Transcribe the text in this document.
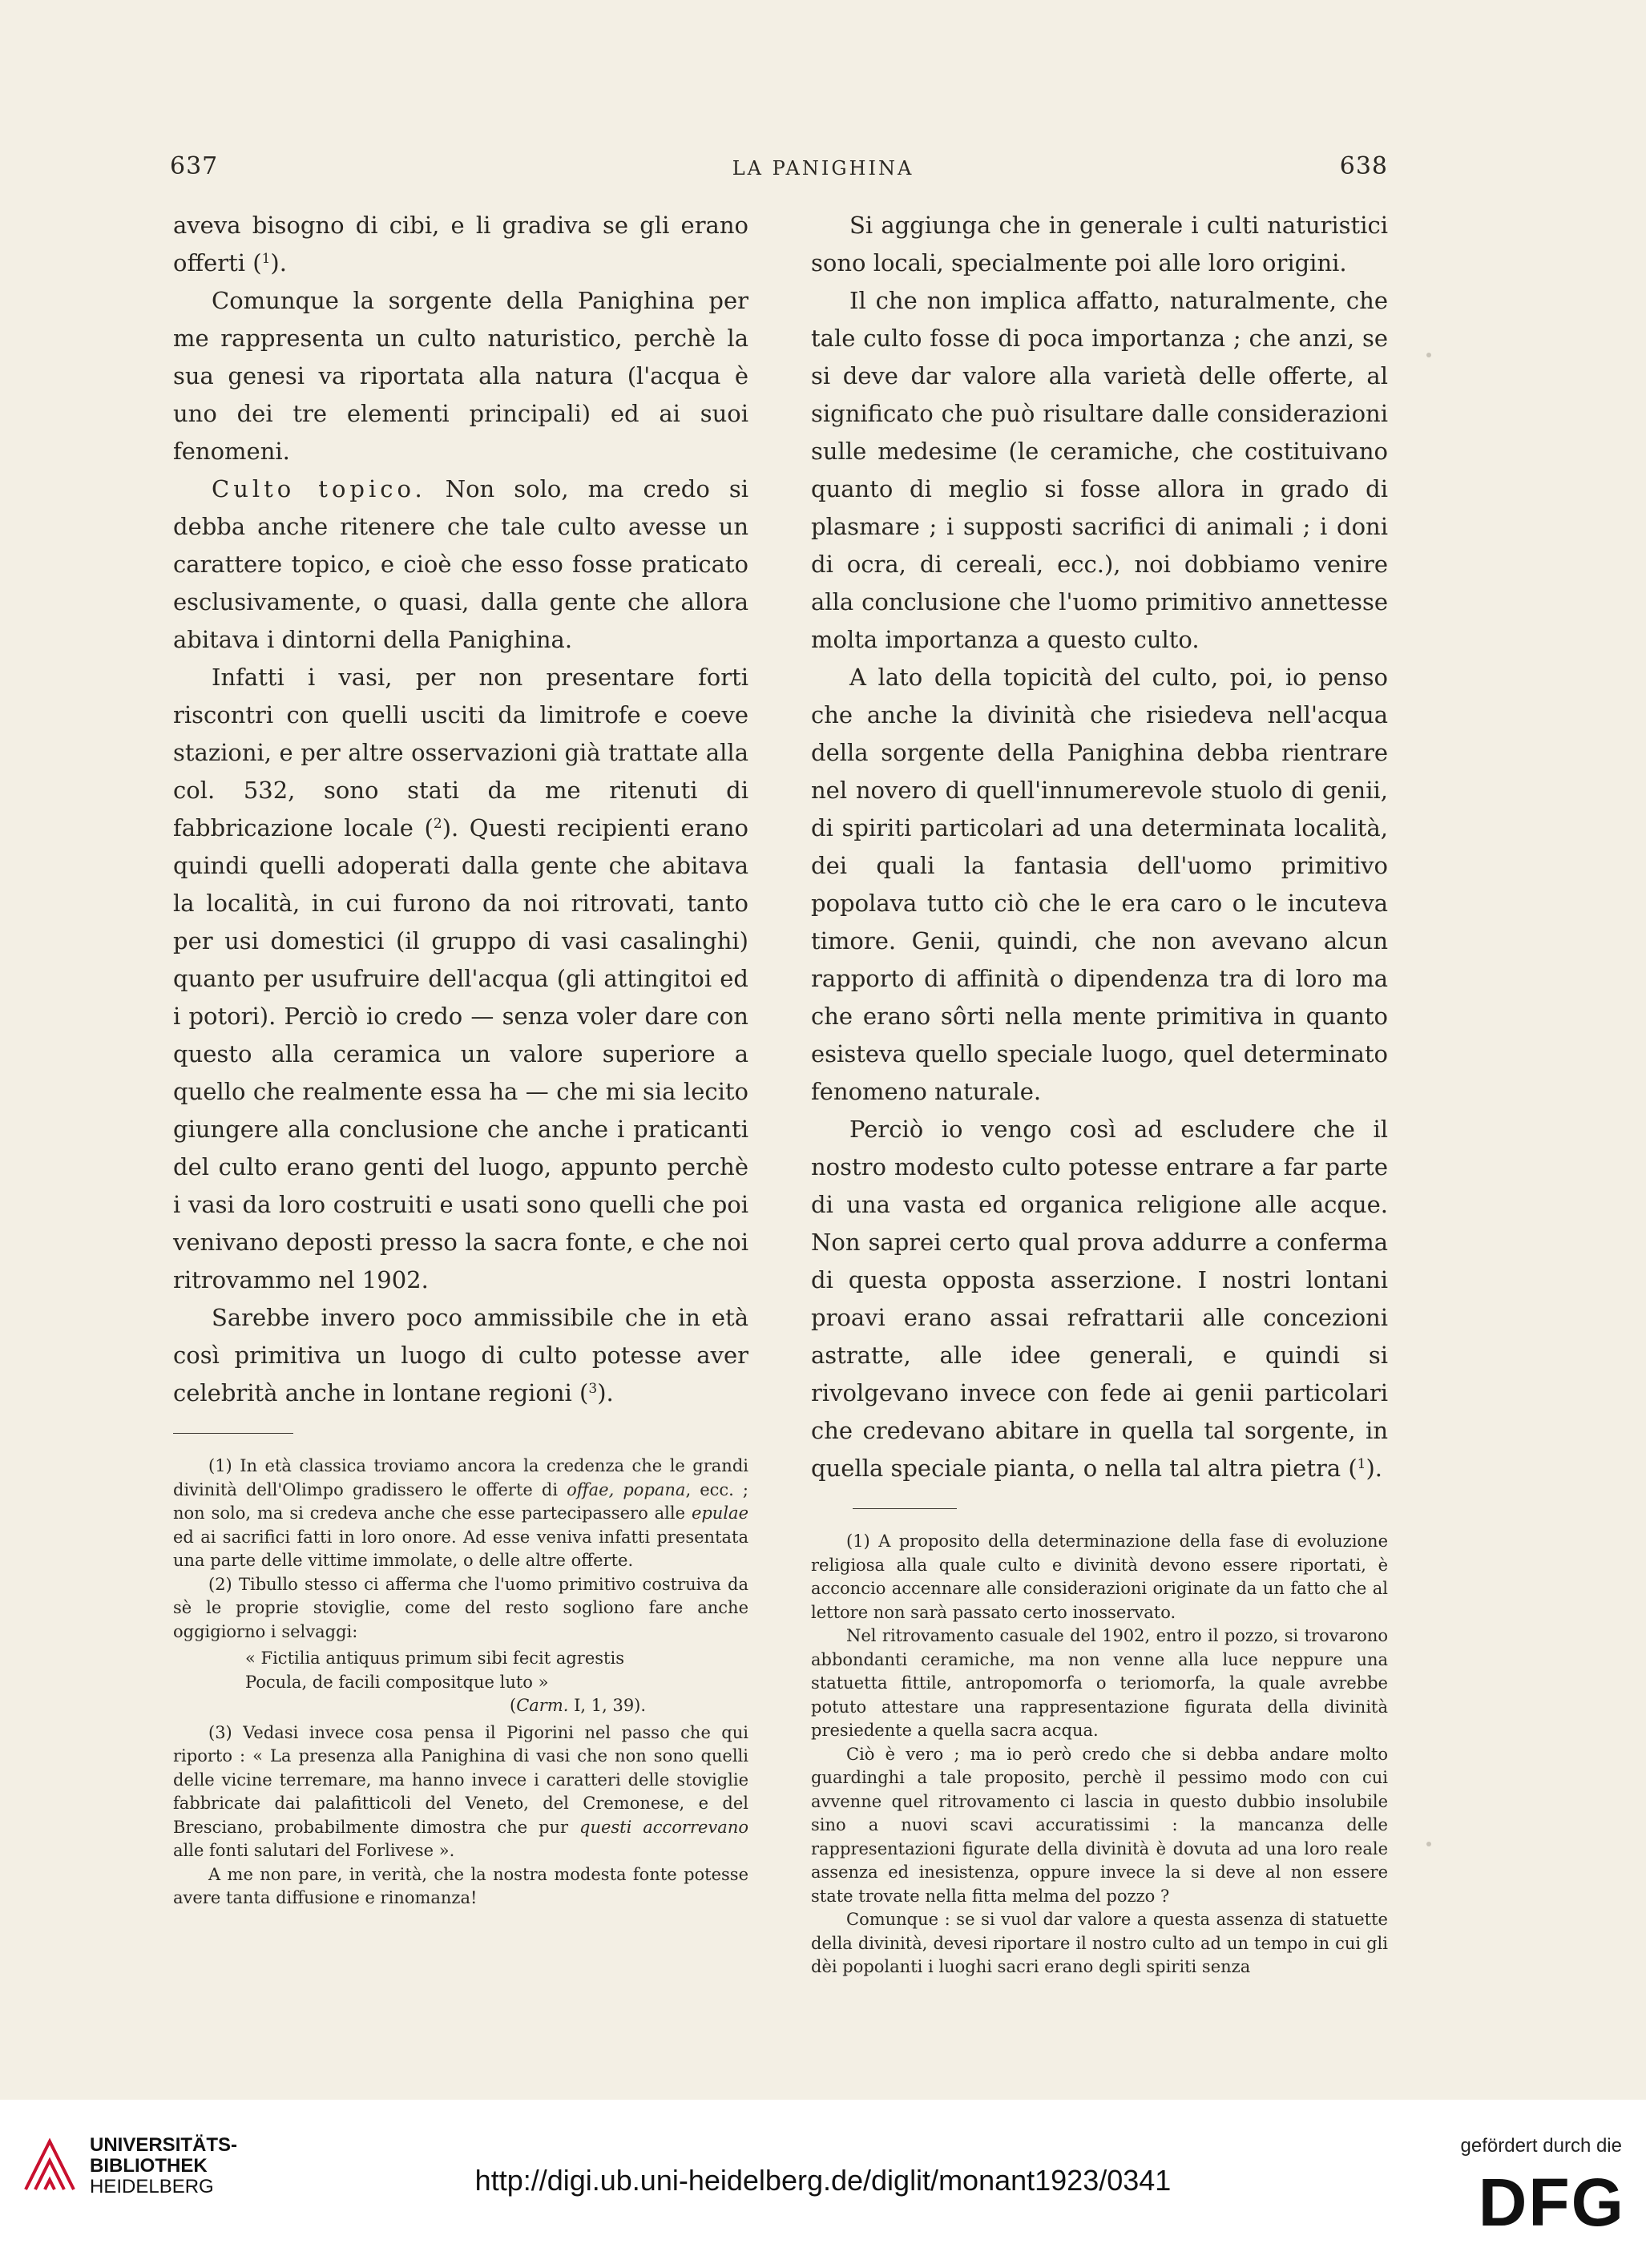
637	LA PANIGHINA	638

aveva bisogno di cibi, e li gradiva se gli erano offerti ($^1$).

Comunque la sorgente della Panighina per me rappresenta un culto naturistico, perchè la sua genesi va riportata alla natura (l'acqua è uno dei tre elementi principali) ed ai suoi fenomeni.

Culto topico. Non solo, ma credo si debba anche ritenere che tale culto avesse un carattere topico, e cioè che esso fosse praticato esclusivamente, o quasi, dalla gente che allora abitava i dintorni della Panighina.

Infatti i vasi, per non presentare forti riscontri con quelli usciti da limitrofe e coeve stazioni, e per altre osservazioni già trattate alla col. 532, sono stati da me ritenuti di fabbricazione locale ($^2$). Questi recipienti erano quindi quelli adoperati dalla gente che abitava la località, in cui furono da noi ritrovati, tanto per usi domestici (il gruppo di vasi casalinghi) quanto per usufruire dell'acqua (gli attingitoi ed i potori). Perciò io credo — senza voler dare con questo alla ceramica un valore superiore a quello che realmente essa ha — che mi sia lecito giungere alla conclusione che anche i praticanti del culto erano genti del luogo, appunto perchè i vasi da loro costruiti e usati sono quelli che poi venivano deposti presso la sacra fonte, e che noi ritrovammo nel 1902.

Sarebbe invero poco ammissibile che in età così primitiva un luogo di culto potesse aver celebrità anche in lontane regioni ($^3$).

(1) In età classica troviamo ancora la credenza che le grandi divinità dell'Olimpo gradissero le offerte di offae, popana, ecc. ; non solo, ma si credeva anche che esse partecipassero alle epulae ed ai sacrifici fatti in loro onore. Ad esse veniva infatti presentata una parte delle vittime immolate, o delle altre offerte.

(2) Tibullo stesso ci afferma che l'uomo primitivo costruiva da sè le proprie stoviglie, come del resto sogliono fare anche oggigiorno i selvaggi:

« Fictilia antiquus primum sibi fecit agrestis
Pocula, de facili compositque luto »
(Carm. I, 1, 39).

(3) Vedasi invece cosa pensa il Pigorini nel passo che qui riporto : « La presenza alla Panighina di vasi che non sono quelli delle vicine terremare, ma hanno invece i caratteri delle stoviglie fabbricate dai palafitticoli del Veneto, del Cremonese, e del Bresciano, probabilmente dimostra che pur questi accorrevano alle fonti salutari del Forlivese ».

A me non pare, in verità, che la nostra modesta fonte potesse avere tanta diffusione e rinomanza!

Si aggiunga che in generale i culti naturistici sono locali, specialmente poi alle loro origini.

Il che non implica affatto, naturalmente, che tale culto fosse di poca importanza ; che anzi, se si deve dar valore alla varietà delle offerte, al significato che può risultare dalle considerazioni sulle medesime (le ceramiche, che costituivano quanto di meglio si fosse allora in grado di plasmare ; i supposti sacrifici di animali ; i doni di ocra, di cereali, ecc.), noi dobbiamo venire alla conclusione che l'uomo primitivo annettesse molta importanza a questo culto.

A lato della topicità del culto, poi, io penso che anche la divinità che risiedeva nell'acqua della sorgente della Panighina debba rientrare nel novero di quell'innumerevole stuolo di genii, di spiriti particolari ad una determinata località, dei quali la fantasia dell'uomo primitivo popolava tutto ciò che le era caro o le incuteva timore. Genii, quindi, che non avevano alcun rapporto di affinità o dipendenza tra di loro ma che erano sôrti nella mente primitiva in quanto esisteva quello speciale luogo, quel determinato fenomeno naturale.

Perciò io vengo così ad escludere che il nostro modesto culto potesse entrare a far parte di una vasta ed organica religione alle acque. Non saprei certo qual prova addurre a conferma di questa opposta asserzione. I nostri lontani proavi erano assai refrattarii alle concezioni astratte, alle idee generali, e quindi si rivolgevano invece con fede ai genii particolari che credevano abitare in quella tal sorgente, in quella speciale pianta, o nella tal altra pietra ($^1$).

(1) A proposito della determinazione della fase di evoluzione religiosa alla quale culto e divinità devono essere riportati, è acconcio accennare alle considerazioni originate da un fatto che al lettore non sarà passato certo inosservato.

Nel ritrovamento casuale del 1902, entro il pozzo, si trovarono abbondanti ceramiche, ma non venne alla luce neppure una statuetta fittile, antropomorfa o teriomorfa, la quale avrebbe potuto attestare una rappresentazione figurata della divinità presiedente a quella sacra acqua.

Ciò è vero ; ma io però credo che si debba andare molto guardinghi a tale proposito, perchè il pessimo modo con cui avvenne quel ritrovamento ci lascia in questo dubbio insolubile sino a nuovi scavi accuratissimi : la mancanza delle rappresentazioni figurate della divinità è dovuta ad una loro reale assenza ed inesistenza, oppure invece la si deve al non essere state trovate nella fitta melma del pozzo ?

Comunque : se si vuol dar valore a questa assenza di statuette della divinità, devesi riportare il nostro culto ad un tempo in cui gli dèi popolanti i luoghi sacri erano degli spiriti senza

UNIVERSITÄTS-
BIBLIOTHEK
HEIDELBERG	http://digi.ub.uni-heidelberg.de/diglit/monant1923/0341
gefördert durch die
DFG
